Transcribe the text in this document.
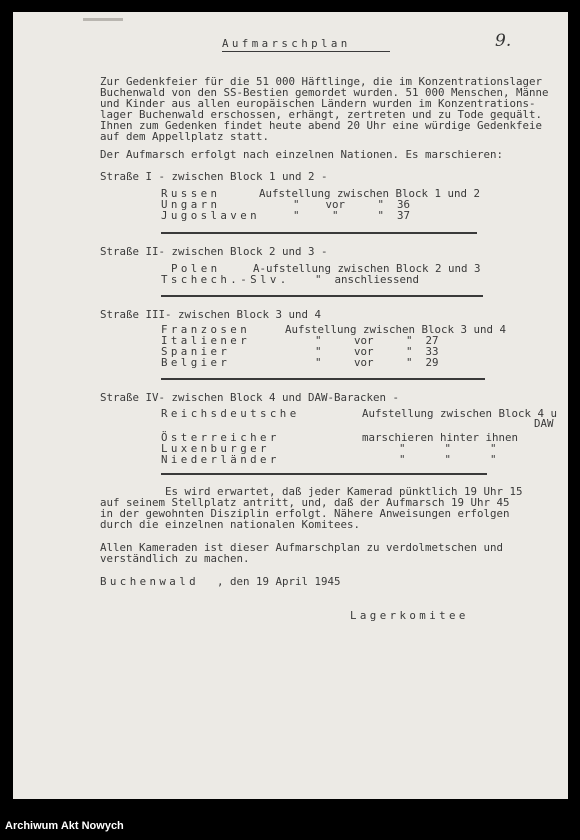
9.
Aufmarschplan
Zur Gedenkfeier für die 51 000 Häftlinge, die im Konzentrationslager
Buchenwald von den SS-Bestien gemordet wurden. 51 000 Menschen, Männe
und Kinder aus allen europäischen Ländern wurden im Konzentrations-
lager Buchenwald erschossen, erhängt, zertreten und zu Tode gequält.
Ihnen zum Gedenken findet heute abend 20 Uhr eine würdige Gedenkfeie
auf dem Appellplatz statt.
Der Aufmarsch erfolgt nach einzelnen Nationen. Es marschieren:
Straße I - zwischen Block 1 und 2 -
Russen	Aufstellung zwischen Block 1 und 2
Ungarn	"    vor     "  36
Jugoslaven	"     "      "  37
Straße II- zwischen Block 2 und 3 -
Polen	A-ufstellung zwischen Block 2 und 3
Tschech.-Slv. "  anschliessend
Straße III- zwischen Block 3 und 4
Franzosen	Aufstellung zwischen Block 3 und 4
Italiener	"     vor     "  27
Spanier	"     vor     "  33
Belgier	"     vor     "  29
Straße IV- zwischen Block 4 und DAW-Baracken -
Reichsdeutsche	Aufstellung zwischen Block 4 u
DAW
Österreicher	marschieren hinter ihnen
Luxenburger	"      "      "
Niederländer	"      "      "
Es wird erwartet, daß jeder Kamerad pünktlich 19 Uhr 15
auf seinem Stellplatz antritt, und, daß der Aufmarsch 19 Uhr 45
in der gewohnten Disziplin erfolgt. Nähere Anweisungen erfolgen
durch die einzelnen nationalen Komitees.
Allen Kameraden ist dieser Aufmarschplan zu verdolmetschen und
verständlich zu machen.
Buchenwald , den 19 April 1945
Lagerkomitee
Archiwum Akt Nowych
